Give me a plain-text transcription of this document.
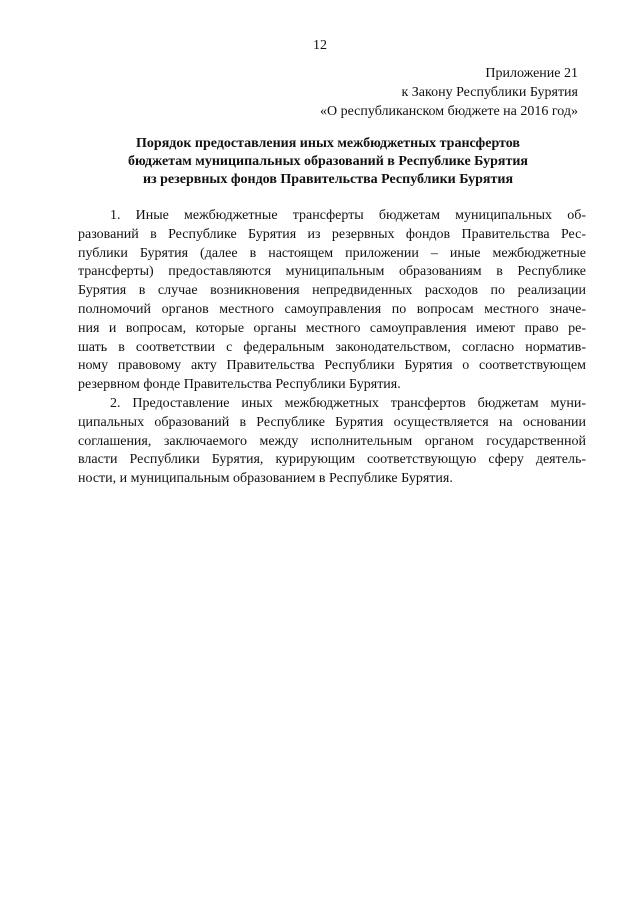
12
Приложение 21
к Закону Республики Бурятия
«О республиканском бюджете на 2016 год»
Порядок предоставления иных межбюджетных трансфертов
бюджетам муниципальных образований в Республике Бурятия
из резервных фондов Правительства Республики Бурятия
1. Иные межбюджетные трансферты бюджетам муниципальных об-
разований в Республике Бурятия из резервных фондов Правительства Рес-
публики Бурятия (далее в настоящем приложении – иные межбюджетные
трансферты) предоставляются муниципальным образованиям в Республике
Бурятия в случае возникновения непредвиденных расходов по реализации
полномочий органов местного самоуправления по вопросам местного значе-
ния и вопросам, которые органы местного самоуправления имеют право ре-
шать в соответствии с федеральным законодательством, согласно норматив-
ному правовому акту Правительства Республики Бурятия о соответствующем
резервном фонде Правительства Республики Бурятия.
2. Предоставление иных межбюджетных трансфертов бюджетам муни-
ципальных образований в Республике Бурятия осуществляется на основании
соглашения, заключаемого между исполнительным органом государственной
власти Республики Бурятия, курирующим соответствующую сферу деятель-
ности, и муниципальным образованием в Республике Бурятия.
